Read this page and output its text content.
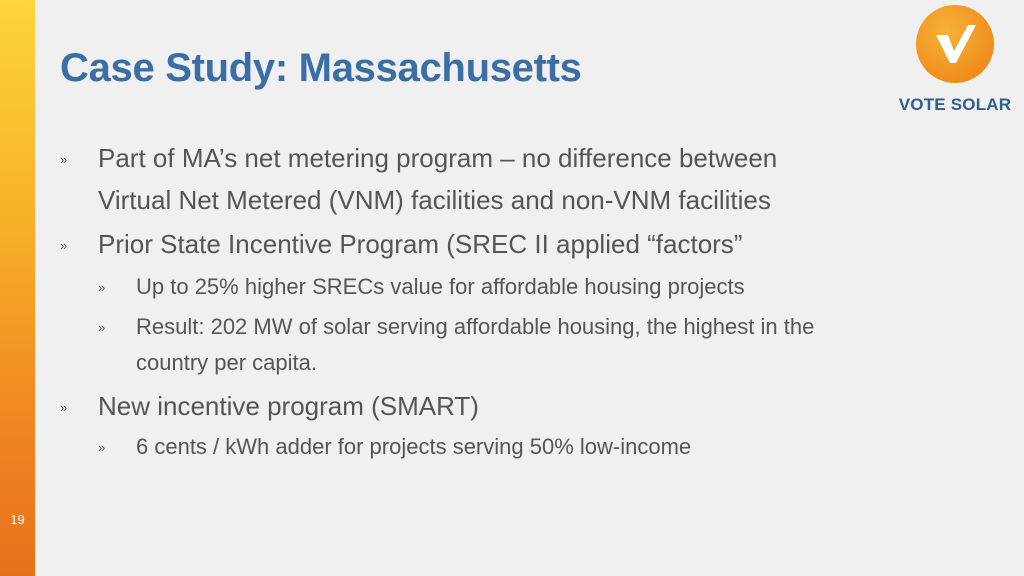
19
Case Study: Massachusetts
VOTE SOLAR
» Part of MA’s net metering program – no difference between
Virtual Net Metered (VNM) facilities and non-VNM facilities
» Prior State Incentive Program (SREC II applied “factors”
» Up to 25% higher SRECs value for affordable housing projects
» Result: 202 MW of solar serving affordable housing, the highest in the
country per capita.
» New incentive program (SMART)
» 6 cents / kWh adder for projects serving 50% low-income
